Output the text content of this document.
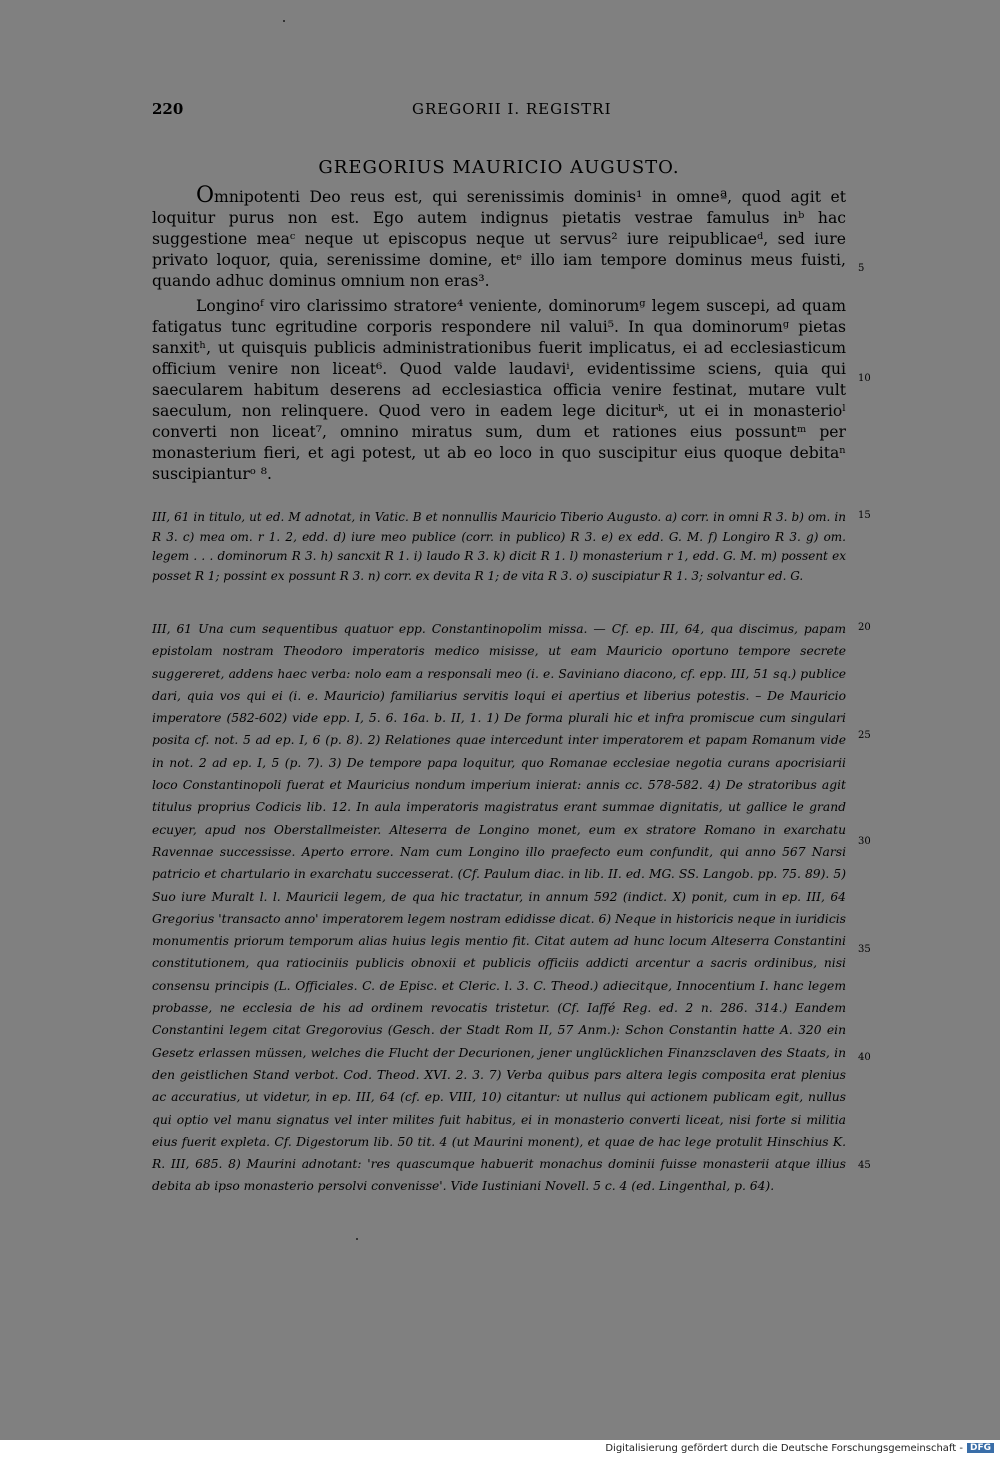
220	GREGORII I. REGISTRI
GREGORIUS MAURICIO AUGUSTO.

Omnipotenti Deo reus est, qui serenissimis dominis¹ in omneª, quod agit et loquitur purus non est. Ego autem indignus pietatis vestrae famulus inᵇ hac suggestione meaᶜ neque ut episcopus neque ut servus² iure reipublicaeᵈ, sed iure privato loquor, quia, serenissime domine, etᵉ illo iam tempore dominus meus fuisti, quando adhuc dominus omnium non eras³.

Longinoᶠ viro clarissimo stratore⁴ veniente, dominorumᵍ legem suscepi, ad quam fatigatus tunc egritudine corporis respondere nil valui⁵. In qua dominorumᵍ pietas sanxitʰ, ut quisquis publicis administrationibus fuerit implicatus, ei ad ecclesiasticum officium venire non liceat⁶. Quod valde laudaviⁱ, evidentissime sciens, quia qui saecularem habitum deserens ad ecclesiastica officia venire festinat, mutare vult saeculum, non relinquere. Quod vero in eadem lege diciturᵏ, ut ei in monasterioˡ converti non liceat⁷, omnino miratus sum, dum et rationes eius possuntᵐ per monasterium fieri, et agi potest, ut ab eo loco in quo suscipitur eius quoque debitaⁿ suscipianturᵒ ⁸.

III, 61 in titulo, ut ed. M adnotat, in Vatic. B et nonnullis Mauricio Tiberio Augusto. a) corr. in omni R 3. b) om. in R 3. c) mea om. r 1. 2, edd. d) iure meo publice (corr. in publico) R 3. e) ex edd. G. M. f) Longiro R 3. g) om. legem . . . dominorum R 3. h) sancxit R 1. i) laudo R 3. k) dicit R 1. l) monasterium r 1, edd. G. M. m) possent ex posset R 1; possint ex possunt R 3. n) corr. ex devita R 1; de vita R 3. o) suscipiatur R 1. 3; solvantur ed. G.
III, 61 Una cum sequentibus quatuor epp. Constantinopolim missa. — Cf. ep. III, 64, qua discimus, papam epistolam nostram Theodoro imperatoris medico misisse, ut eam Mauricio oportuno tempore secrete suggereret, addens haec verba: nolo eam a responsali meo (i. e. Saviniano diacono, cf. epp. III, 51 sq.) publice dari, quia vos qui ei (i. e. Mauricio) familiarius servitis loqui ei apertius et liberius potestis. – De Mauricio imperatore (582-602) vide epp. I, 5. 6. 16a. b. II, 1. 1) De forma plurali hic et infra promiscue cum singulari posita cf. not. 5 ad ep. I, 6 (p. 8). 2) Relationes quae intercedunt inter imperatorem et papam Romanum vide in not. 2 ad ep. I, 5 (p. 7). 3) De tempore papa loquitur, quo Romanae ecclesiae negotia curans apocrisiarii loco Constantinopoli fuerat et Mauricius nondum imperium inierat: annis cc. 578-582. 4) De stratoribus agit titulus proprius Codicis lib. 12. In aula imperatoris magistratus erant summae dignitatis, ut gallice le grand ecuyer, apud nos Oberstallmeister. Alteserra de Longino monet, eum ex stratore Romano in exarchatu Ravennae successisse. Aperto errore. Nam cum Longino illo praefecto eum confundit, qui anno 567 Narsi patricio et chartulario in exarchatu successerat. (Cf. Paulum diac. in lib. II. ed. MG. SS. Langob. pp. 75. 89). 5) Suo iure Muralt l. l. Mauricii legem, de qua hic tractatur, in annum 592 (indict. X) ponit, cum in ep. III, 64 Gregorius 'transacto anno' imperatorem legem nostram edidisse dicat. 6) Neque in historicis neque in iuridicis monumentis priorum temporum alias huius legis mentio fit. Citat autem ad hunc locum Alteserra Constantini constitutionem, qua ratiociniis publicis obnoxii et publicis officiis addicti arcentur a sacris ordinibus, nisi consensu principis (L. Officiales. C. de Episc. et Cleric. l. 3. C. Theod.) adiecitque, Innocentium I. hanc legem probasse, ne ecclesia de his ad ordinem revocatis tristetur. (Cf. Iaffé Reg. ed. 2 n. 286. 314.) Eandem Constantini legem citat Gregorovius (Gesch. der Stadt Rom II, 57 Anm.): Schon Constantin hatte A. 320 ein Gesetz erlassen müssen, welches die Flucht der Decurionen, jener unglücklichen Finanzsclaven des Staats, in den geistlichen Stand verbot. Cod. Theod. XVI. 2. 3. 7) Verba quibus pars altera legis composita erat plenius ac accuratius, ut videtur, in ep. III, 64 (cf. ep. VIII, 10) citantur: ut nullus qui actionem publicam egit, nullus qui optio vel manu signatus vel inter milites fuit habitus, ei in monasterio converti liceat, nisi forte si militia eius fuerit expleta. Cf. Digestorum lib. 50 tit. 4 (ut Maurini monent), et quae de hac lege protulit Hinschius K. R. III, 685. 8) Maurini adnotant: 'res quascumque habuerit monachus dominii fuisse monasterii atque illius debita ab ipso monasterio persolvi convenisse'. Vide Iustiniani Novell. 5 c. 4 (ed. Lingenthal, p. 64).
5
10
15
20
25
30
35
40
45
Digitalisierung gefördert durch die Deutsche Forschungsgemeinschaft - DFG
